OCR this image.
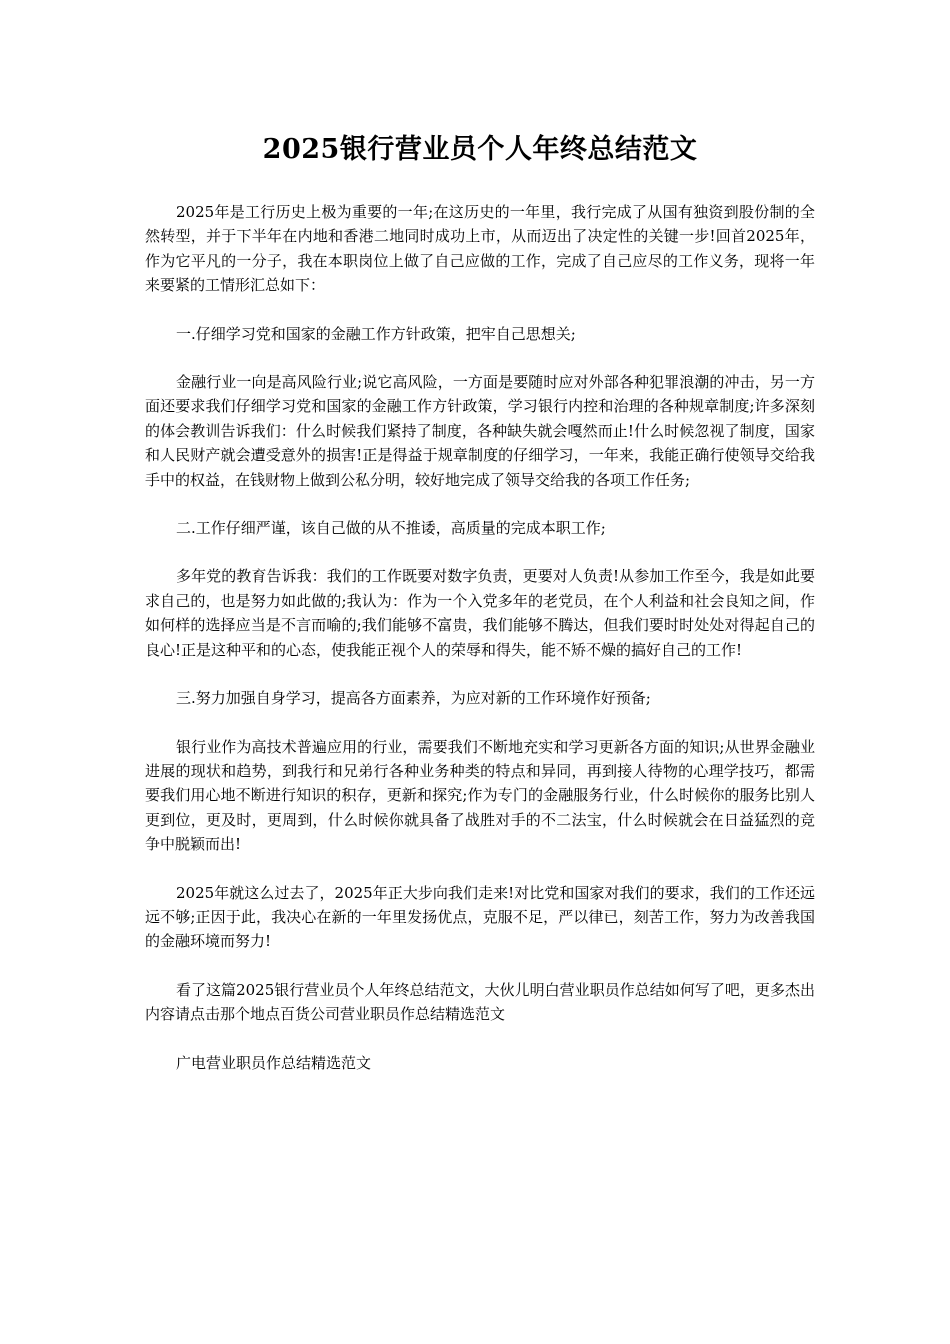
2025银行营业员个人年终总结范文

2025年是工行历史上极为重要的一年;在这历史的一年里，我行完成了从国有独资到股份制的全然转型，并于下半年在内地和香港二地同时成功上市，从而迈出了决定性的关键一步!回首2025年，作为它平凡的一分子，我在本职岗位上做了自己应做的工作，完成了自己应尽的工作义务，现将一年来要紧的工情形汇总如下：

一.仔细学习党和国家的金融工作方针政策，把牢自己思想关;

金融行业一向是高风险行业;说它高风险，一方面是要随时应对外部各种犯罪浪潮的冲击，另一方面还要求我们仔细学习党和国家的金融工作方针政策，学习银行内控和治理的各种规章制度;许多深刻的体会教训告诉我们：什么时候我们紧持了制度，各种缺失就会嘎然而止!什么时候忽视了制度，国家和人民财产就会遭受意外的损害!正是得益于规章制度的仔细学习，一年来，我能正确行使领导交给我手中的权益，在钱财物上做到公私分明，较好地完成了领导交给我的各项工作任务;

二.工作仔细严谨，该自己做的从不推诿，高质量的完成本职工作;

多年党的教育告诉我：我们的工作既要对数字负责，更要对人负责!从参加工作至今，我是如此要求自己的，也是努力如此做的;我认为：作为一个入党多年的老党员，在个人利益和社会良知之间，作如何样的选择应当是不言而喻的;我们能够不富贵，我们能够不腾达，但我们要时时处处对得起自己的良心!正是这种平和的心态，使我能正视个人的荣辱和得失，能不矫不燥的搞好自己的工作!

三.努力加强自身学习，提高各方面素养，为应对新的工作环境作好预备;

银行业作为高技术普遍应用的行业，需要我们不断地充实和学习更新各方面的知识;从世界金融业进展的现状和趋势，到我行和兄弟行各种业务种类的特点和异同，再到接人待物的心理学技巧，都需要我们用心地不断进行知识的积存，更新和探究;作为专门的金融服务行业，什么时候你的服务比别人更到位，更及时，更周到，什么时候你就具备了战胜对手的不二法宝，什么时候就会在日益猛烈的竞争中脱颖而出!

2025年就这么过去了，2025年正大步向我们走来!对比党和国家对我们的要求，我们的工作还远远不够;正因于此，我决心在新的一年里发扬优点，克服不足，严以律已，刻苦工作，努力为改善我国的金融环境而努力!

看了这篇2025银行营业员个人年终总结范文，大伙儿明白营业职员作总结如何写了吧，更多杰出内容请点击那个地点百货公司营业职员作总结精选范文

广电营业职员作总结精选范文
